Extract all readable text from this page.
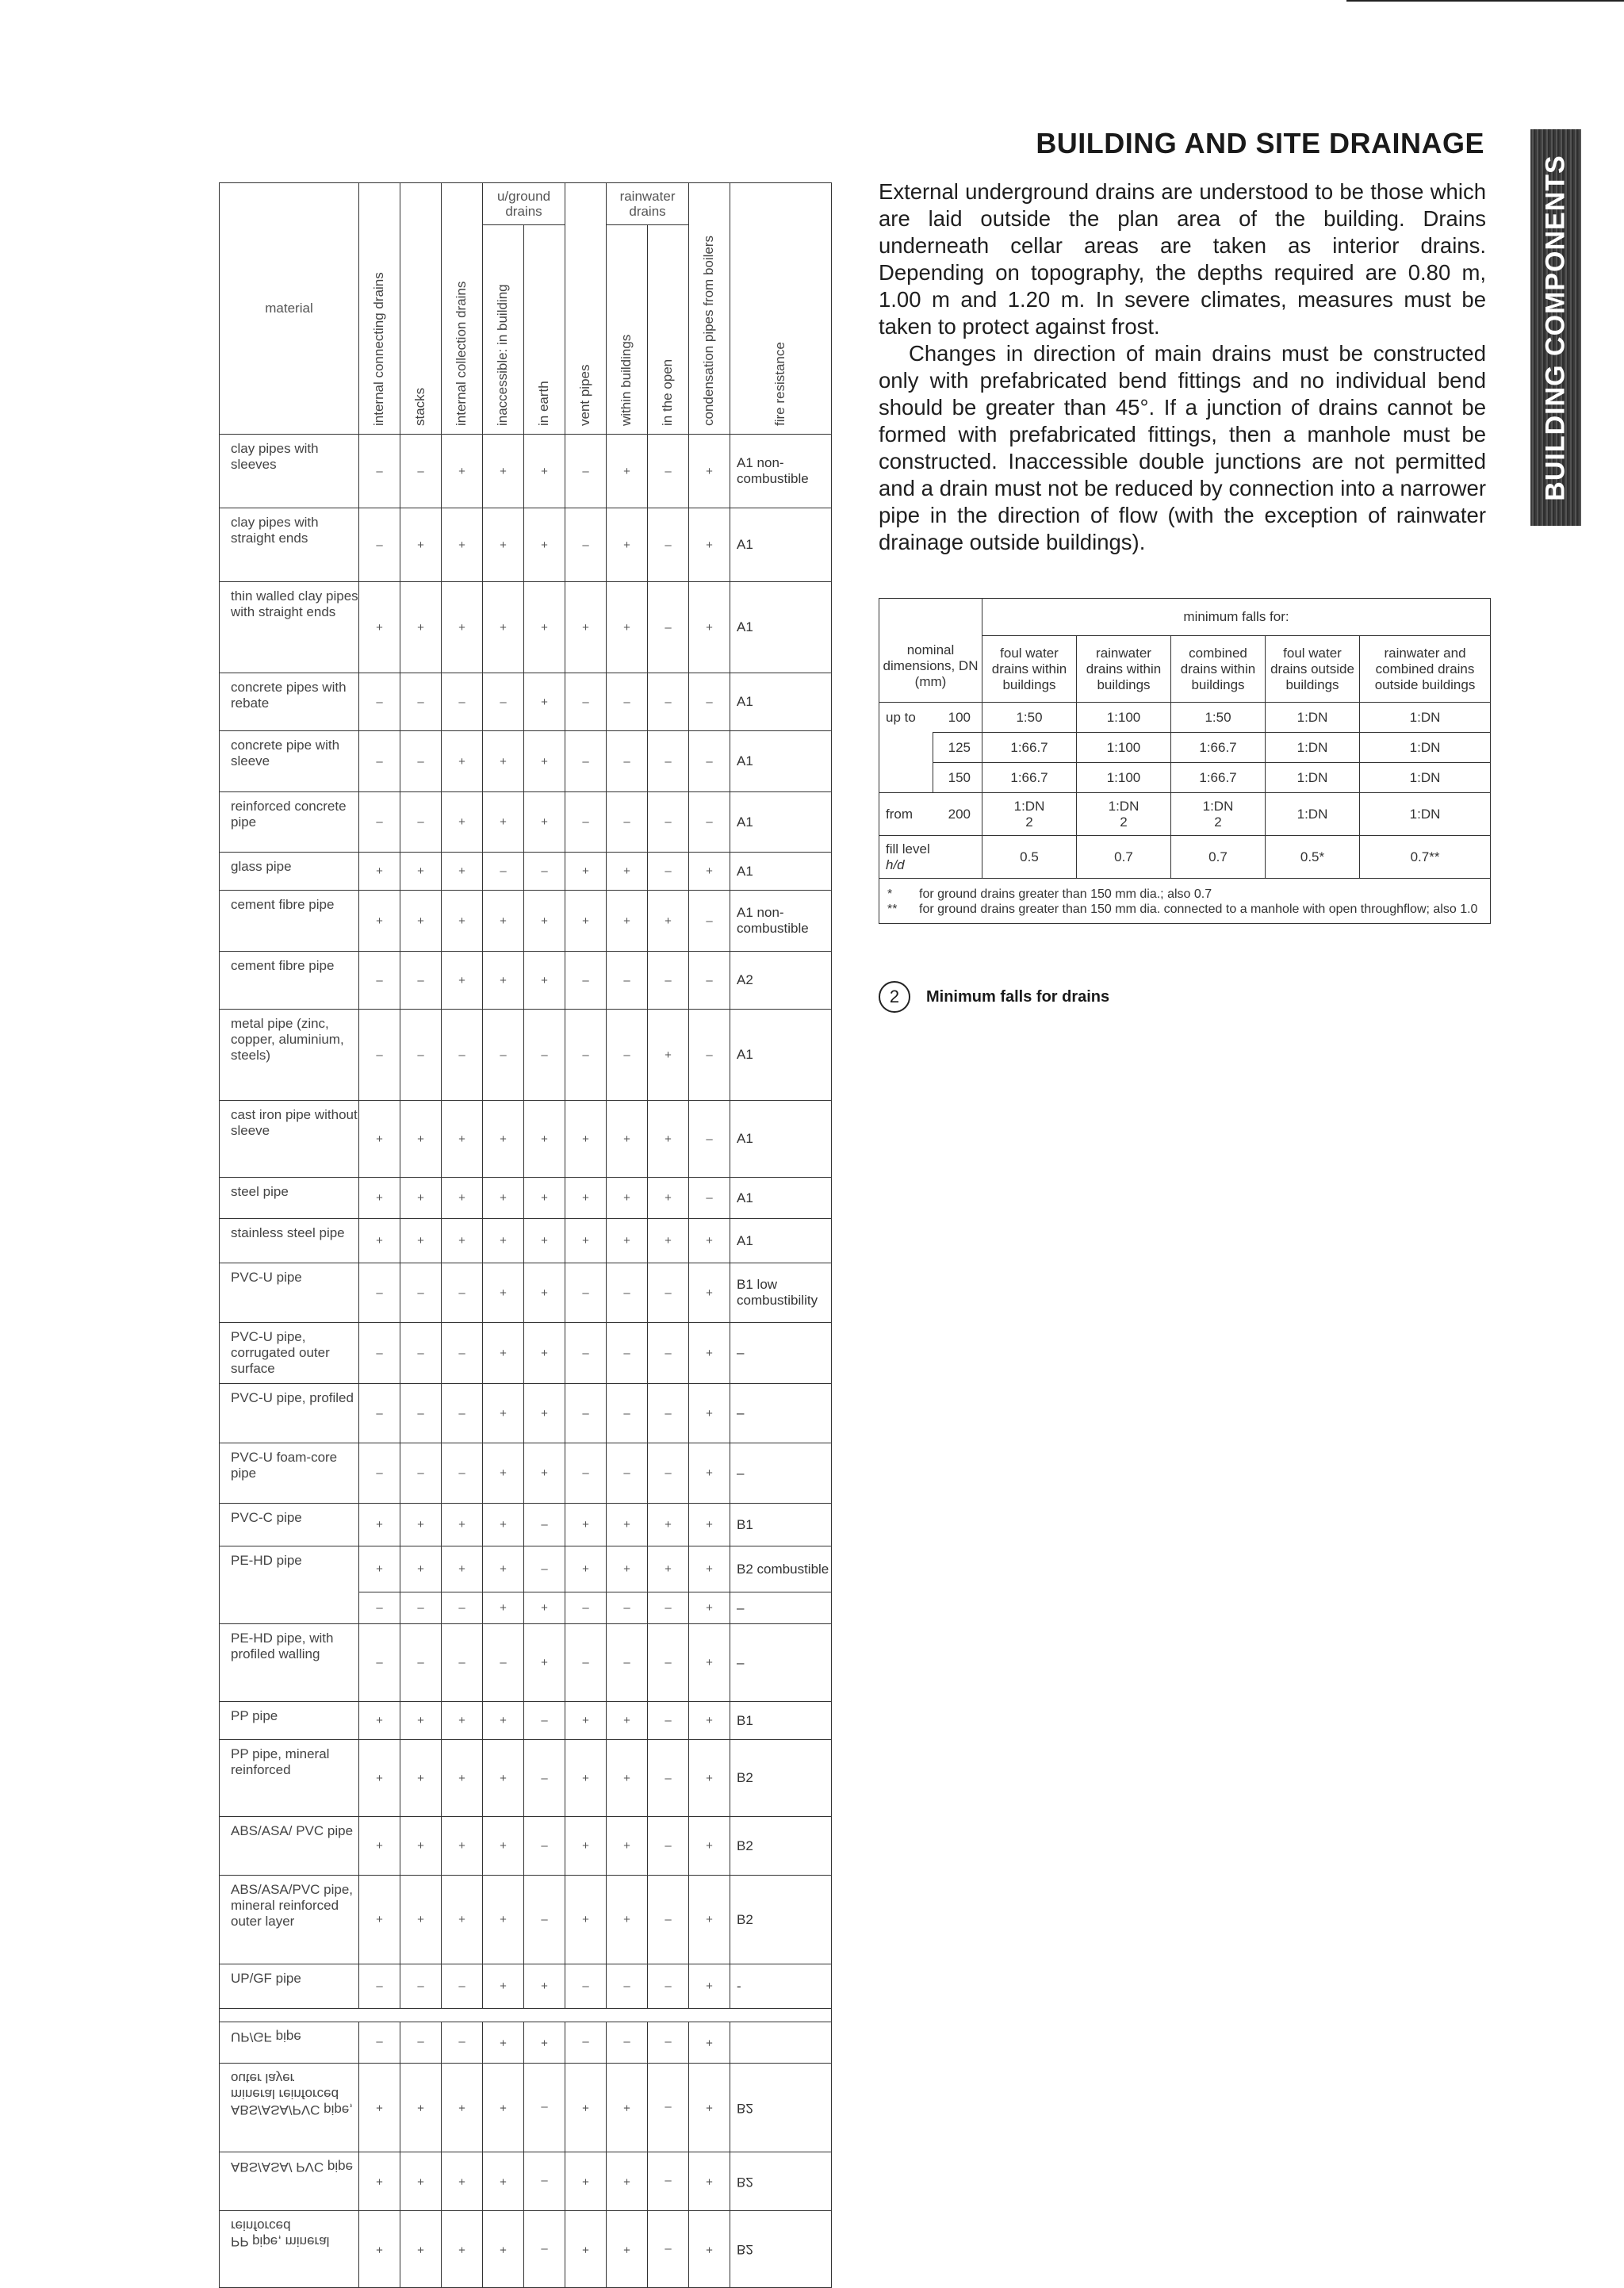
BUILDING AND SITE DRAINAGE
BUILDING COMPONENTS
material	internal connecting drains	stacks	internal collection drains	u/ground drains		vent pipes	rainwater drains		condensation pipes from boilers	fire resistance

				inaccessible: in building	in earth		within buildings	in the open		

clay pipes with sleeves	–	–	+	+	+	–	+	–	+	A1 non-combustible
clay pipes with straight ends	–	+	+	+	+	–	+	–	+	A1
thin walled clay pipes with straight ends	+	+	+	+	+	+	+	–	+	A1
concrete pipes with rebate	–	–	–	–	+	–	–	–	–	A1
concrete pipe with sleeve	–	–	+	+	+	–	–	–	–	A1
reinforced concrete pipe	–	–	+	+	+	–	–	–	–	A1
glass pipe	+	+	+	–	–	+	+	–	+	A1
cement fibre pipe	+	+	+	+	+	+	+	+	–	A1 non-combustible
cement fibre pipe	–	–	+	+	+	–	–	–	–	A2
metal pipe (zinc, copper, aluminium, steels)	–	–	–	–	–	–	–	+	–	A1
cast iron pipe without sleeve	+	+	+	+	+	+	+	+	–	A1
steel pipe	+	+	+	+	+	+	+	+	–	A1
stainless steel pipe	+	+	+	+	+	+	+	+	+	A1
PVC-U pipe	–	–	–	+	+	–	–	–	+	B1 low combustibility
PVC-U pipe, corrugated outer surface	–	–	–	+	+	–	–	–	+	–
PVC-U pipe, profiled	–	–	–	+	+	–	–	–	+	–
PVC-U foam-core pipe	–	–	–	+	+	–	–	–	+	–
PVC-C pipe	+	+	+	+	–	+	+	+	+	B1
PE-HD pipe	+	+	+	+	–	+	+	+	+	B2 combustible
	–	–	–	+	+	–	–	–	+	–
PE-HD pipe, with profiled walling	–	–	–	–	+	–	–	–	+	–
PP pipe	+	+	+	+	–	+	+	–	+	B1
PP pipe, mineral reinforced	+	+	+	+	–	+	+	–	+	B2
ABS/ASA/ PVC pipe	+	+	+	+	–	+	+	–	+	B2
ABS/ASA/PVC pipe, mineral reinforced outer layer	+	+	+	+	–	+	+	–	+	B2
UP/GF pipe	–	–	–	+	+	–	–	–	+	-

UP/GF pipe	–	–	–	+	+	–	–	–	+	
ABS/ASA/PVC pipe, mineral reinforced outer layer	+	+	+	+	–	+	+	–	+	B2
ABS/ASA/ PVC pipe	+	+	+	+	–	+	+	–	+	B2
PP pipe, mineral reinforced	+	+	+	+	–	+	+	–	+	B2

External underground drains are understood to be those which are laid outside the plan area of the building. Drains underneath cellar areas are taken as interior drains. Depending on topography, the depths required are 0.80 m, 1.00 m and 1.20 m. In severe climates, measures must be taken to protect against frost.

Changes in direction of main drains must be constructed only with prefabricated bend fittings and no individual bend should be greater than 45°. If a junction of drains cannot be formed with prefabricated fittings, then a manhole must be constructed. Inaccessible double junctions are not permitted and a drain must not be reduced by connection into a narrower pipe in the direction of flow (with the exception of rainwater drainage outside buildings).

nominal dimensions, DN (mm)		minimum falls for:				
		foul water drains within buildings	rainwater drains within buildings	combined drains within buildings	foul water drains outside buildings	rainwater and combined drains outside buildings
up to	100	1:50	1:100	1:50	1:DN	1:DN
	125	1:66.7	1:100	1:66.7	1:DN	1:DN
	150	1:66.7	1:100	1:66.7	1:DN	1:DN
from	200	1:DN 2	1:DN 2	1:DN 2	1:DN	1:DN

fill level
h/d		0.5	0.7	0.7	0.5*	0.7**

* for ground drains greater than 150 mm dia.; also 0.7
** for ground drains greater than 150 mm dia. connected to a manhole with open throughflow; also 1.0						
2	Minimum falls for drains
